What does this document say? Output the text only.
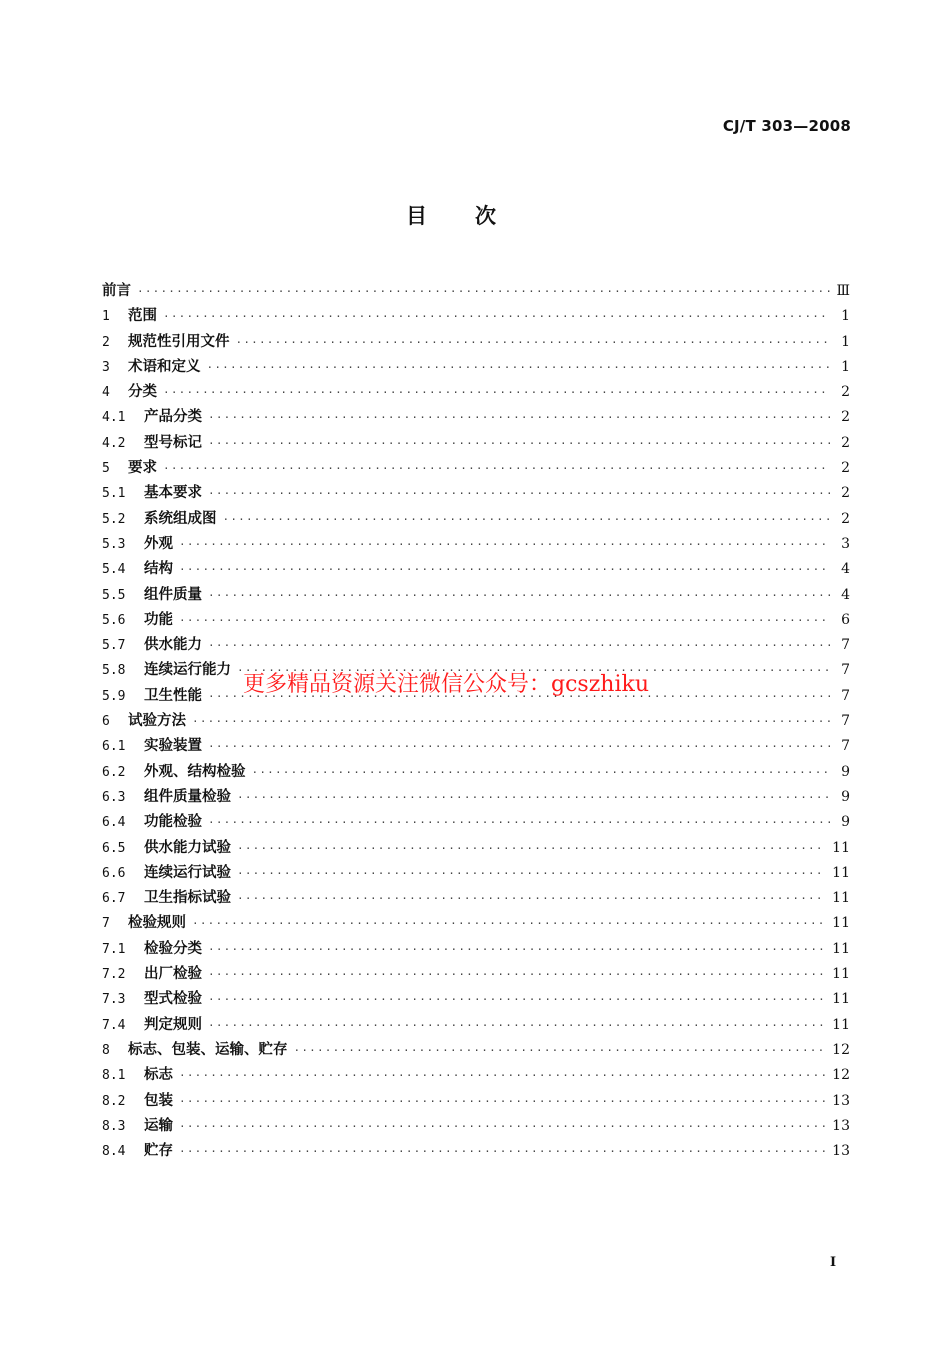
CJ/T 303—2008
目次
前言 ·····	Ⅲ
1	范围 ·····	1
2	规范性引用文件 ·····	1
3	术语和定义 ·····	1
4	分类 ·····	2
4.1	产品分类 ·····	2
4.2	型号标记 ·····	2
5	要求 ·····	2
5.1	基本要求 ·····	2
5.2	系统组成图 ·····	2
5.3	外观 ·····	3
5.4	结构 ·····	4
5.5	组件质量 ·····	4
5.6	功能 ·····	6
5.7	供水能力 ·····	7
5.8	连续运行能力 ·····	7
5.9	卫生性能 ·····	7
6	试验方法 ·····	7
6.1	实验装置 ·····	7
6.2	外观、结构检验 ·····	9
6.3	组件质量检验 ·····	9
6.4	功能检验 ·····	9
6.5	供水能力试验 ·····	11
6.6	连续运行试验 ·····	11
6.7	卫生指标试验 ·····	11
7	检验规则 ·····	11
7.1	检验分类 ·····	11
7.2	出厂检验 ·····	11
7.3	型式检验 ·····	11
7.4	判定规则 ·····	11
8	标志、包装、运输、贮存 ·····	12
8.1	标志 ·····	12
8.2	包装 ·····	13
8.3	运输 ·····	13
8.4	贮存 ·····	13
更多精品资源关注微信公众号：gcszhiku
I
